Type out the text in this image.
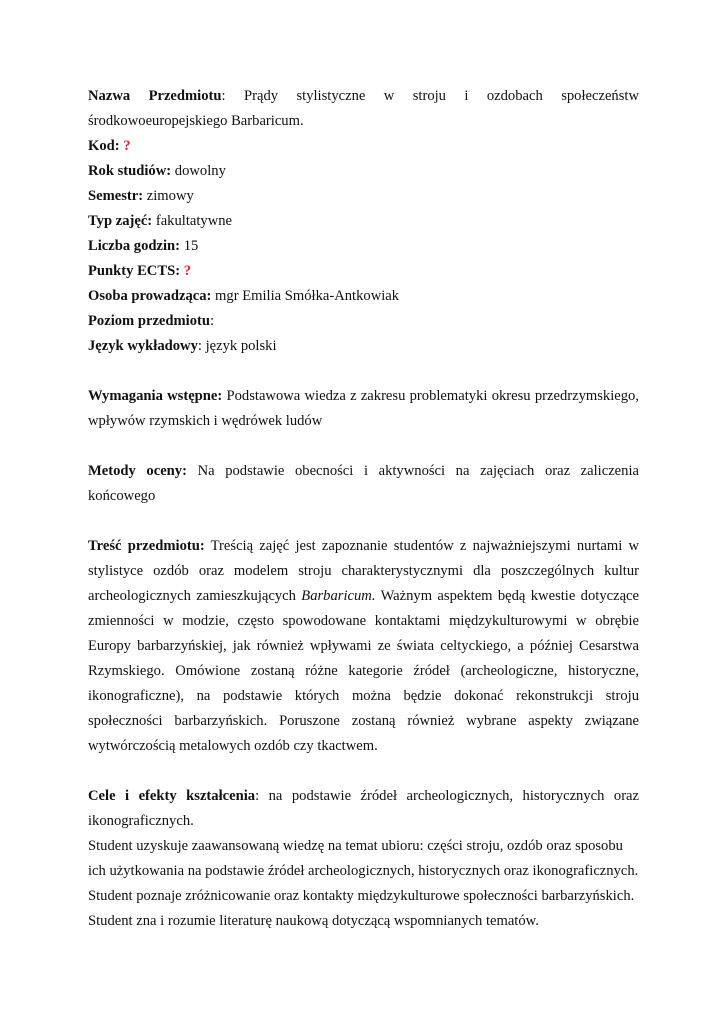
Nazwa Przedmiotu: Prądy stylistyczne w stroju i ozdobach społeczeństw
środkowoeuropejskiego Barbaricum.
Kod: ?
Rok studiów: dowolny
Semestr: zimowy
Typ zajęć: fakultatywne
Liczba godzin: 15
Punkty ECTS: ?
Osoba prowadząca: mgr Emilia Smółka-Antkowiak
Poziom przedmiotu:
Język wykładowy: język polski
Wymagania wstępne: Podstawowa wiedza z zakresu problematyki okresu przedrzymskiego,
wpływów rzymskich i wędrówek ludów
Metody oceny: Na podstawie obecności i aktywności na zajęciach oraz zaliczenia
końcowego
Treść przedmiotu: Treścią zajęć jest zapoznanie studentów z najważniejszymi nurtami w
stylistyce ozdób oraz modelem stroju charakterystycznymi dla poszczególnych kultur
archeologicznych zamieszkujących Barbaricum. Ważnym aspektem będą kwestie dotyczące
zmienności w modzie, często spowodowane kontaktami międzykulturowymi w obrębie
Europy barbarzyńskiej, jak również wpływami ze świata celtyckiego, a później Cesarstwa
Rzymskiego. Omówione zostaną różne kategorie źródeł (archeologiczne, historyczne,
ikonograficzne), na podstawie których można będzie dokonać rekonstrukcji stroju
społeczności barbarzyńskich. Poruszone zostaną również wybrane aspekty związane
wytwórczością metalowych ozdób czy tkactwem.
Cele i efekty kształcenia: na podstawie źródeł archeologicznych, historycznych oraz
ikonograficznych.
Student uzyskuje zaawansowaną wiedzę na temat ubioru: części stroju, ozdób oraz sposobu
ich użytkowania na podstawie źródeł archeologicznych, historycznych oraz ikonograficznych.
Student poznaje zróżnicowanie oraz kontakty międzykulturowe społeczności barbarzyńskich.
Student zna i rozumie literaturę naukową dotyczącą wspomnianych tematów.
